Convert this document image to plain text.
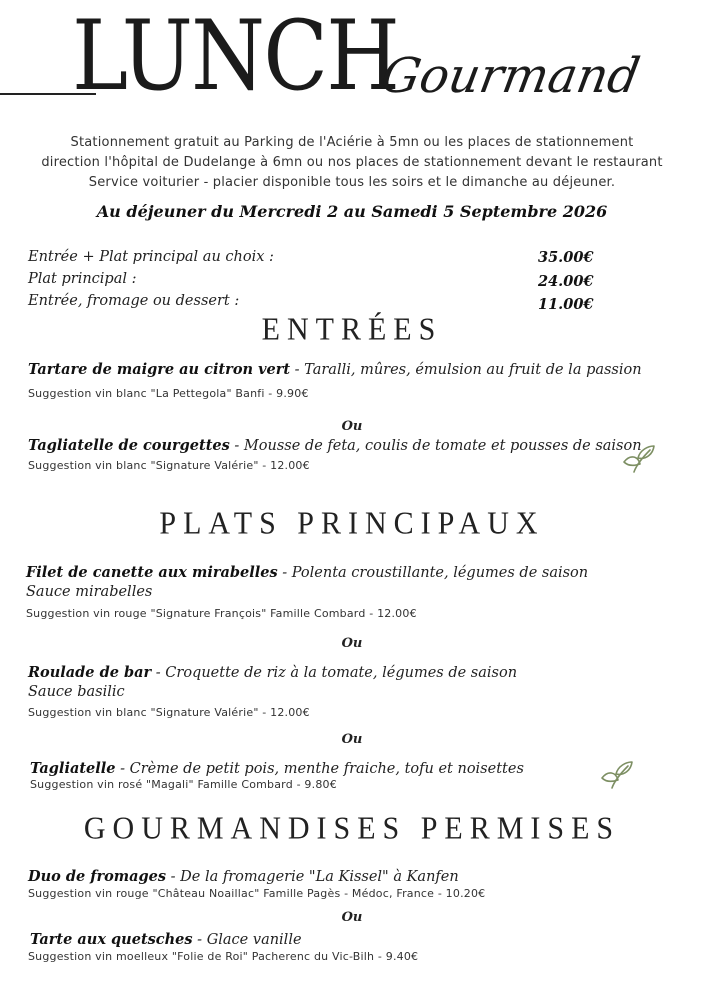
LUNCH
Gourmand
Stationnement gratuit au Parking de l'Aciérie à 5mn ou les places de stationnement
direction l'hôpital de Dudelange à 6mn ou nos places de stationnement devant le restaurant
Service voiturier - placier disponible tous les soirs et le dimanche au déjeuner.
Au déjeuner du Mercredi 2 au Samedi 5 Septembre 2026
Entrée + Plat principal au choix :	35.00€
Plat principal :	24.00€
Entrée, fromage ou dessert :	11.00€
ENTRÉES
Tartare de maigre au citron vert - Taralli, mûres, émulsion au fruit de la passion
Suggestion vin blanc "La Pettegola" Banfi - 9.90€
Ou
Tagliatelle de courgettes - Mousse de feta, coulis de tomate et pousses de saison
Suggestion vin blanc "Signature Valérie" - 12.00€
PLATS PRINCIPAUX
Filet de canette aux mirabelles - Polenta croustillante, légumes de saison
Sauce mirabelles
Suggestion vin rouge "Signature François" Famille Combard - 12.00€
Ou
Roulade de bar - Croquette de riz à la tomate, légumes de saison
Sauce basilic
Suggestion vin blanc "Signature Valérie" - 12.00€
Ou
Tagliatelle - Crème de petit pois, menthe fraiche, tofu et noisettes
Suggestion vin rosé "Magali" Famille Combard - 9.80€
GOURMANDISES PERMISES
Duo de fromages - De la fromagerie "La Kissel" à Kanfen
Suggestion vin rouge "Château Noaillac" Famille Pagès - Médoc, France - 10.20€
Ou
Tarte aux quetsches - Glace vanille
Suggestion vin moelleux "Folie de Roi" Pacherenc du Vic-Bilh - 9.40€
